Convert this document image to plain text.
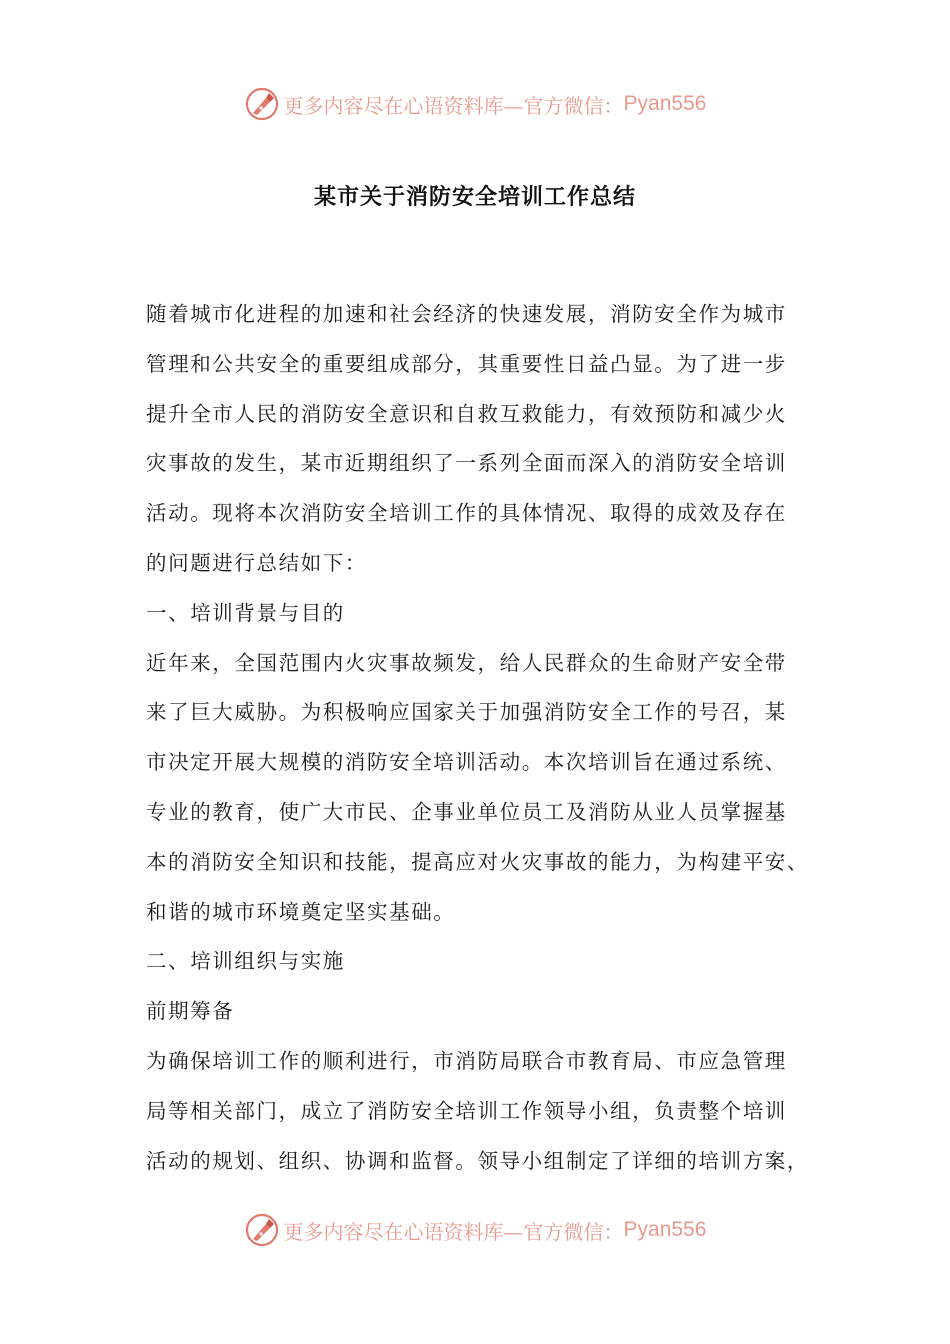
更多内容尽在心语资料库—官方微信： Pyan556
某市关于消防安全培训工作总结
随着城市化进程的加速和社会经济的快速发展，消防安全作为城市
管理和公共安全的重要组成部分，其重要性日益凸显。为了进一步
提升全市人民的消防安全意识和自救互救能力，有效预防和减少火
灾事故的发生，某市近期组织了一系列全面而深入的消防安全培训
活动。现将本次消防安全培训工作的具体情况、取得的成效及存在
的问题进行总结如下：
一、培训背景与目的
近年来，全国范围内火灾事故频发，给人民群众的生命财产安全带
来了巨大威胁。为积极响应国家关于加强消防安全工作的号召，某
市决定开展大规模的消防安全培训活动。本次培训旨在通过系统、
专业的教育，使广大市民、企事业单位员工及消防从业人员掌握基
本的消防安全知识和技能，提高应对火灾事故的能力，为构建平安、
和谐的城市环境奠定坚实基础。
二、培训组织与实施
前期筹备
为确保培训工作的顺利进行，市消防局联合市教育局、市应急管理
局等相关部门，成立了消防安全培训工作领导小组，负责整个培训
活动的规划、组织、协调和监督。领导小组制定了详细的培训方案，
更多内容尽在心语资料库—官方微信： Pyan556
